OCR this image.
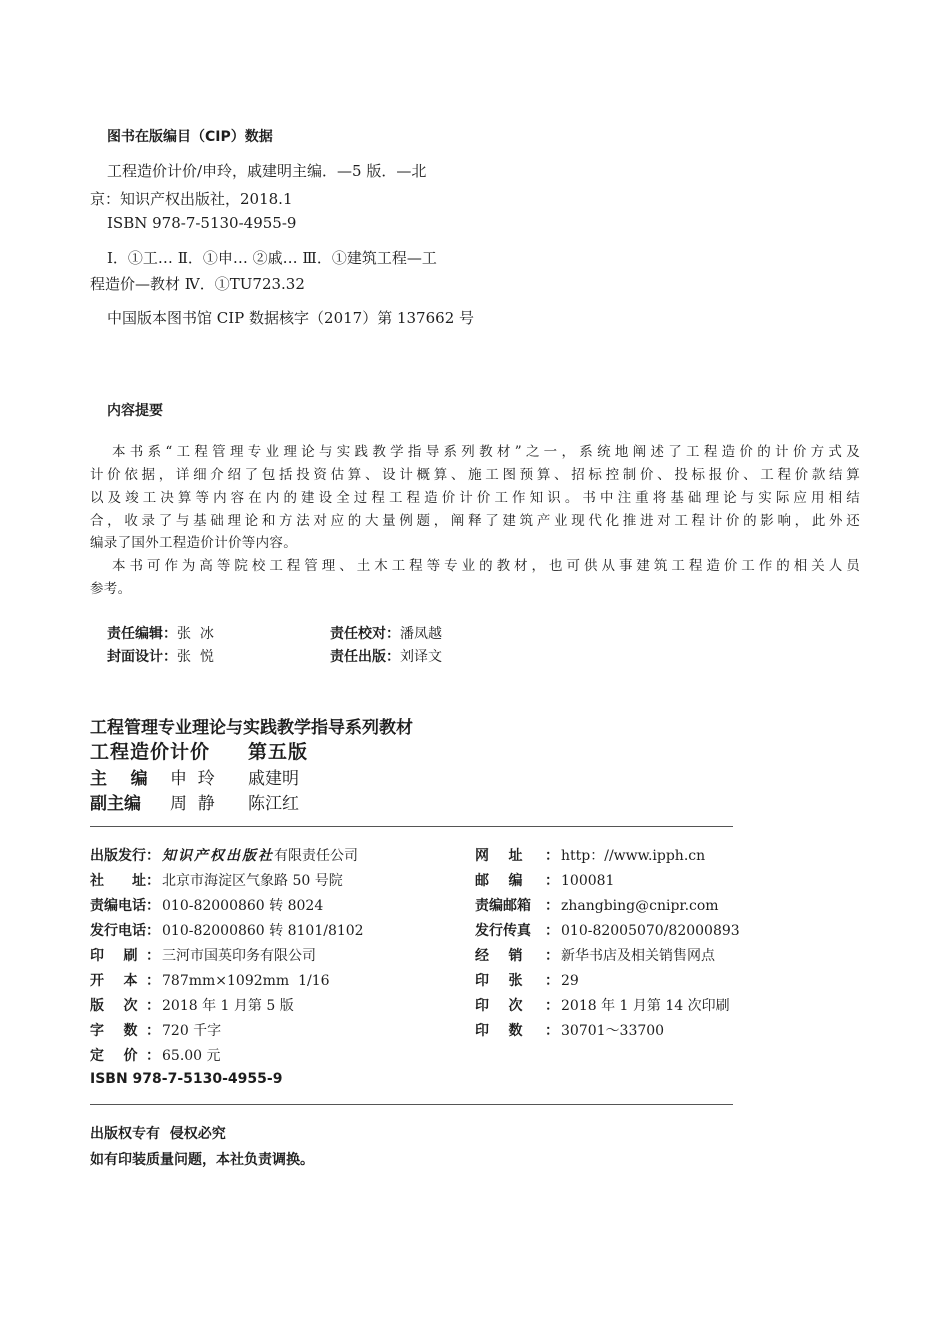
图书在版编目（CIP）数据
工程造价计价/申玲，戚建明主编．—5 版．—北
京：知识产权出版社，2018.1
ISBN 978-7-5130-4955-9
Ⅰ．①工… Ⅱ．①申… ②戚… Ⅲ．①建筑工程—工
程造价—教材 Ⅳ．①TU723.32
中国版本图书馆 CIP 数据核字（2017）第 137662 号
内容提要
本书系“工程管理专业理论与实践教学指导系列教材”之一，系统地阐述了工程造价的计价方式及
计价依据，详细介绍了包括投资估算、设计概算、施工图预算、招标控制价、投标报价、工程价款结算
以及竣工决算等内容在内的建设全过程工程造价计价工作知识。书中注重将基础理论与实际应用相结
合，收录了与基础理论和方法对应的大量例题，阐释了建筑产业现代化推进对工程计价的影响，此外还
编录了国外工程造价计价等内容。
本书可作为高等院校工程管理、土木工程等专业的教材，也可供从事建筑工程造价工作的相关人员
参考。
责任编辑：张  冰	责任校对：潘凤越
封面设计：张  悦	责任出版：刘译文
工程管理专业理论与实践教学指导系列教材
工程造价计价 第五版
主    编 申  玲 戚建明
副主编 周  静 陈江红
出版发行： 知识产权出版社有限责任公司
社    址： 北京市海淀区气象路 50 号院
责编电话： 010-82000860 转 8024
发行电话： 010-82000860 转 8101/8102
印    刷 ： 三河市国英印务有限公司
开    本 ： 787mm×1092mm  1/16
版    次 ： 2018 年 1 月第 5 版
字    数 ： 720 千字
定    价 ： 65.00 元
网    址 ： http：//www.ipph.cn
邮    编 ： 100081
责编邮箱 ： zhangbing@cnipr.com
发行传真 ： 010-82005070/82000893
经    销 ： 新华书店及相关销售网点
印    张 ： 29
印    次 ： 2018 年 1 月第 14 次印刷
印    数 ： 30701～33700
ISBN 978-7-5130-4955-9
出版权专有  侵权必究
如有印装质量问题，本社负责调换。
